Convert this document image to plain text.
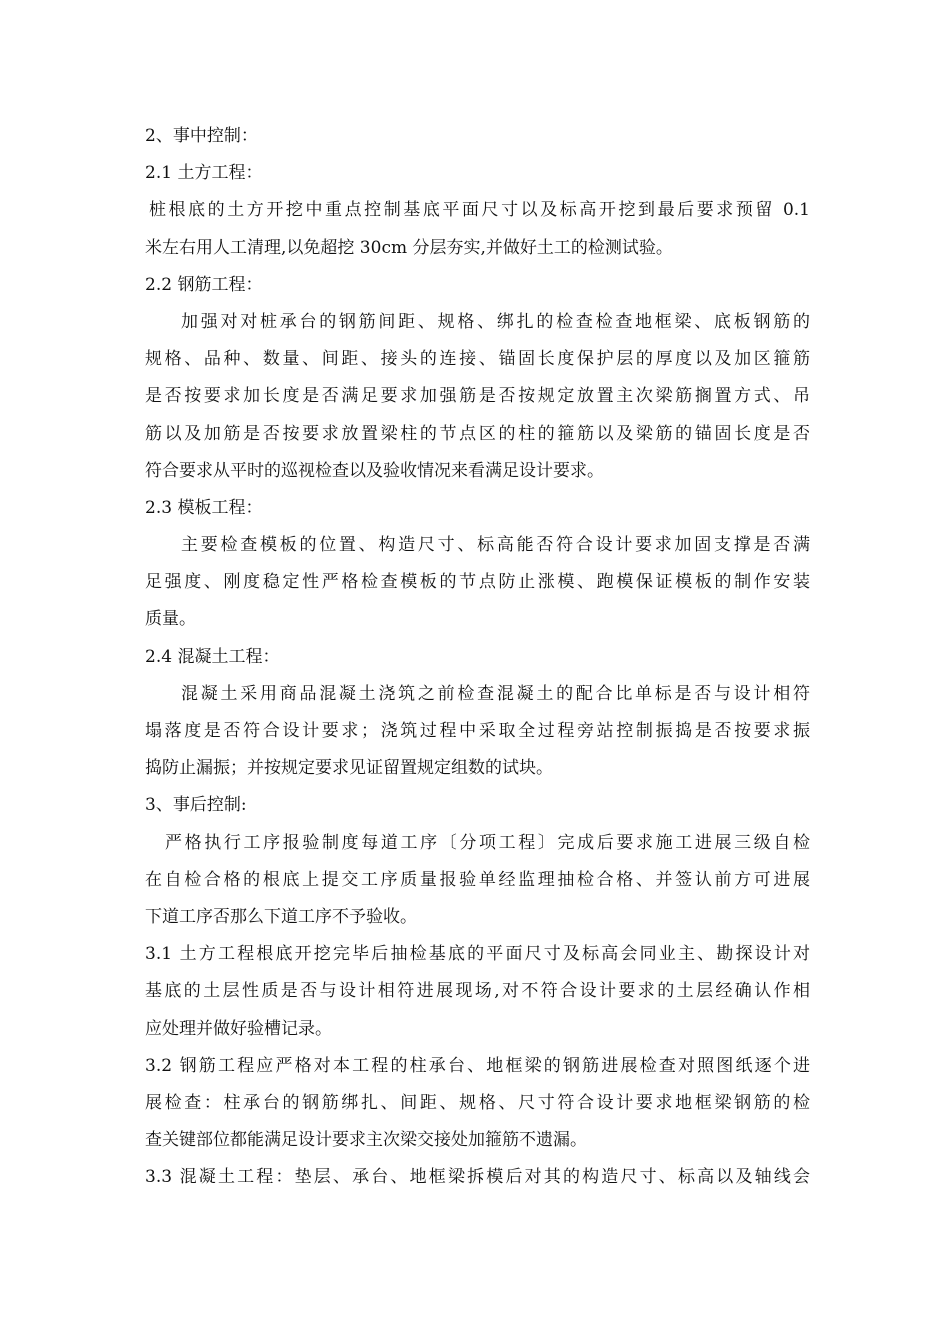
2、事中控制：
2.1 土方工程：
桩根底的土方开挖中重点控制基底平面尺寸以及标高开挖到最后要求预留 0.1
米左右用人工清理,以免超挖 30cm 分层夯实,并做好土工的检测试验。
2.2 钢筋工程：
加强对对桩承台的钢筋间距、规格、绑扎的检查检查地框梁、底板钢筋的
规格、品种、数量、间距、接头的连接、锚固长度保护层的厚度以及加区箍筋
是否按要求加长度是否满足要求加强筋是否按规定放置主次梁筋搁置方式、吊
筋以及加筋是否按要求放置梁柱的节点区的柱的箍筋以及梁筋的锚固长度是否
符合要求从平时的巡视检查以及验收情况来看满足设计要求。
2.3 模板工程：
主要检查模板的位置、构造尺寸、标高能否符合设计要求加固支撑是否满
足强度、刚度稳定性严格检查模板的节点防止涨模、跑模保证模板的制作安装
质量。
2.4 混凝土工程：
混凝土采用商品混凝土浇筑之前检查混凝土的配合比单标是否与设计相符
塌落度是否符合设计要求；浇筑过程中采取全过程旁站控制振捣是否按要求振
捣防止漏振；并按规定要求见证留置规定组数的试块。
3、事后控制:
严格执行工序报验制度每道工序〔分项工程〕完成后要求施工进展三级自检
在自检合格的根底上提交工序质量报验单经监理抽检合格、并签认前方可进展
下道工序否那么下道工序不予验收。
3.1 土方工程根底开挖完毕后抽检基底的平面尺寸及标高会同业主、勘探设计对
基底的土层性质是否与设计相符进展现场,对不符合设计要求的土层经确认作相
应处理并做好验槽记录。
3.2 钢筋工程应严格对本工程的柱承台、地框梁的钢筋进展检查对照图纸逐个进
展检查：柱承台的钢筋绑扎、间距、规格、尺寸符合设计要求地框梁钢筋的检
查关键部位都能满足设计要求主次梁交接处加箍筋不遗漏。
3.3 混凝土工程：垫层、承台、地框梁拆模后对其的构造尺寸、标高以及轴线会
